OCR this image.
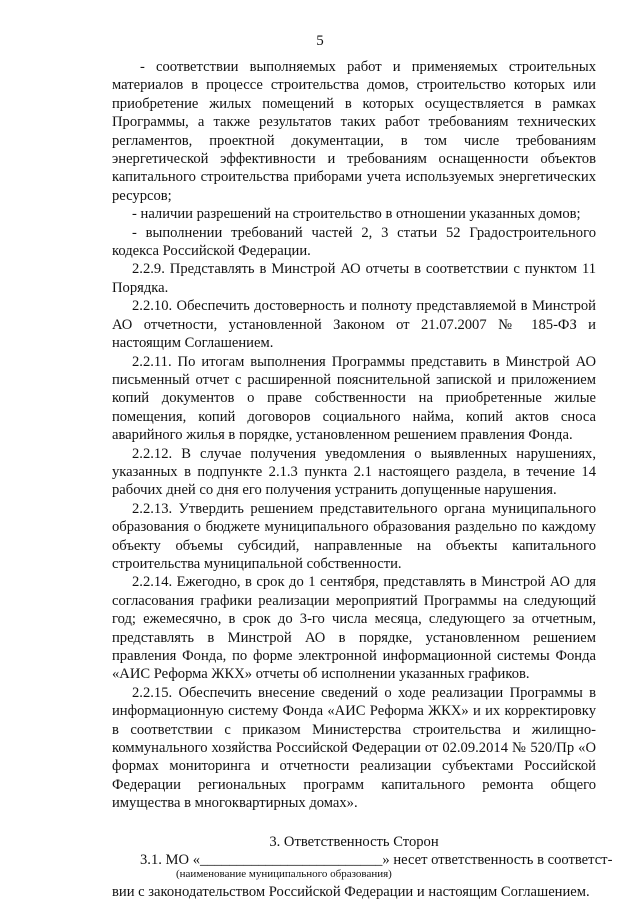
5
- соответствии выполняемых работ и применяемых строительных материалов в процессе строительства домов, строительство которых или приобретение жилых помещений в которых осуществляется в рамках Программы, а также результатов таких работ требованиям технических регламентов, проектной документации, в том числе требованиям энергетической эффективности и требованиям оснащенности объектов капитального строительства приборами учета используемых энергетических ресурсов;
- наличии разрешений на строительство в отношении указанных домов;
- выполнении требований частей 2, 3 статьи 52 Градостроительного кодекса Российской Федерации.
2.2.9. Представлять в Минстрой АО отчеты в соответствии с пунктом 11 Порядка.
2.2.10. Обеспечить достоверность и полноту представляемой в Минстрой АО отчетности, установленной Законом от 21.07.2007 № 185-ФЗ и настоящим Соглашением.
2.2.11. По итогам выполнения Программы представить в Минстрой АО письменный отчет с расширенной пояснительной запиской и приложением копий документов о праве собственности на приобретенные жилые помещения, копий договоров социального найма, копий актов сноса аварийного жилья в порядке, установленном решением правления Фонда.
2.2.12. В случае получения уведомления о выявленных нарушениях, указанных в подпункте 2.1.3 пункта 2.1 настоящего раздела, в течение 14 рабочих дней со дня его получения устранить допущенные нарушения.
2.2.13. Утвердить решением представительного органа муниципального образования о бюджете муниципального образования раздельно по каждому объекту объемы субсидий, направленные на объекты капитального строительства муниципальной собственности.
2.2.14. Ежегодно, в срок до 1 сентября, представлять в Минстрой АО для согласования графики реализации мероприятий Программы на следующий год; ежемесячно, в срок до 3-го числа месяца, следующего за отчетным, представлять в Минстрой АО в порядке, установленном решением правления Фонда, по форме электронной информационной системы Фонда «АИС Реформа ЖКХ» отчеты об исполнении указанных графиков.
2.2.15. Обеспечить внесение сведений о ходе реализации Программы в информационную систему Фонда «АИС Реформа ЖКХ» и их корректировку в соответствии с приказом Министерства строительства и жилищно-коммунального хозяйства Российской Федерации от 02.09.2014 № 520/Пр «О формах мониторинга и отчетности реализации субъектами Российской Федерации региональных программ капитального ремонта общего имущества в многоквартирных домах».
3. Ответственность Сторон
3.1. МО «_________________________» несет ответственность в соответст-
(наименование муниципального образования)
вии с законодательством Российской Федерации и настоящим Соглашением.
